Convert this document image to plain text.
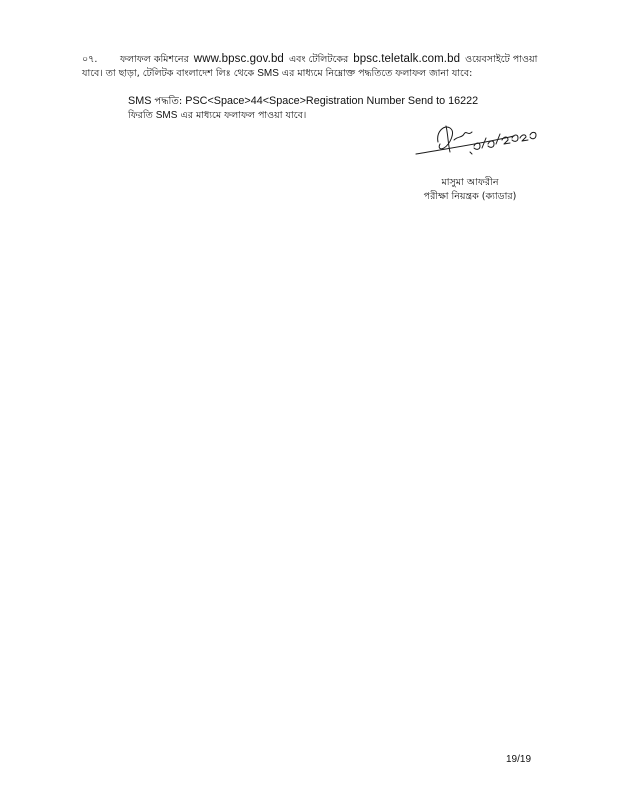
০৭.	ফলাফল কমিশনের www.bpsc.gov.bd এবং টেলিটকের bpsc.teletalk.com.bd ওয়েবসাইটে পাওয়া
যাবে। তা ছাড়া, টেলিটক বাংলাদেশ লিঃ থেকে SMS এর মাধ্যমে নিম্নোক্ত পদ্ধতিতে ফলাফল জানা যাবে:
SMS পদ্ধতি: PSC<Space>44<Space>Registration Number Send to 16222
ফিরতি SMS এর মাধ্যমে ফলাফল পাওয়া যাবে।
মাসুমা আফরীন
পরীক্ষা নিয়ন্ত্রক (ক্যাডার)
19/19
